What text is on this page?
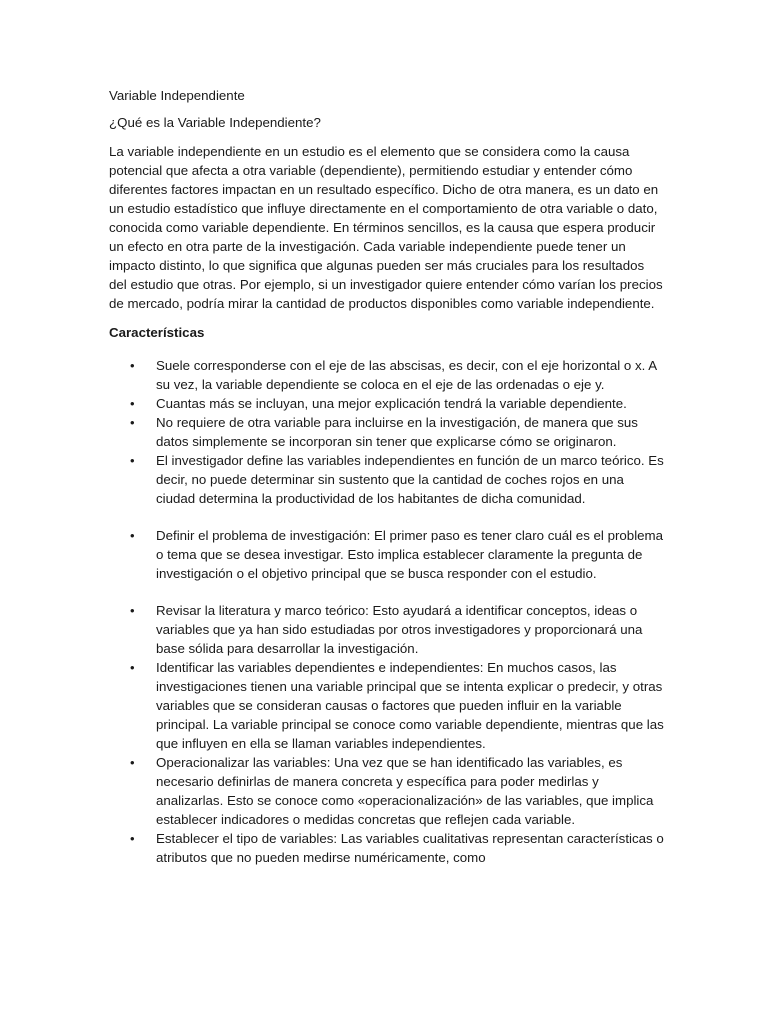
Variable Independiente

¿Qué es la Variable Independiente?

La variable independiente en un estudio es el elemento que se considera como la causa potencial que afecta a otra variable (dependiente), permitiendo estudiar y entender cómo diferentes factores impactan en un resultado específico. Dicho de otra manera, es un dato en un estudio estadístico que influye directamente en el comportamiento de otra variable o dato, conocida como variable dependiente. En términos sencillos, es la causa que espera producir un efecto en otra parte de la investigación. Cada variable independiente puede tener un impacto distinto, lo que significa que algunas pueden ser más cruciales para los resultados del estudio que otras. Por ejemplo, si un investigador quiere entender cómo varían los precios de mercado, podría mirar la cantidad de productos disponibles como variable independiente.

Características

• Suele corresponderse con el eje de las abscisas, es decir, con el eje horizontal o x. A su vez, la variable dependiente se coloca en el eje de las ordenadas o eje y.
• Cuantas más se incluyan, una mejor explicación tendrá la variable dependiente.
• No requiere de otra variable para incluirse en la investigación, de manera que sus datos simplemente se incorporan sin tener que explicarse cómo se originaron.
• El investigador define las variables independientes en función de un marco teórico. Es decir, no puede determinar sin sustento que la cantidad de coches rojos en una ciudad determina la productividad de los habitantes de dicha comunidad.
• Definir el problema de investigación: El primer paso es tener claro cuál es el problema o tema que se desea investigar. Esto implica establecer claramente la pregunta de investigación o el objetivo principal que se busca responder con el estudio.
• Revisar la literatura y marco teórico: Esto ayudará a identificar conceptos, ideas o variables que ya han sido estudiadas por otros investigadores y proporcionará una base sólida para desarrollar la investigación.
• Identificar las variables dependientes e independientes: En muchos casos, las investigaciones tienen una variable principal que se intenta explicar o predecir, y otras variables que se consideran causas o factores que pueden influir en la variable principal. La variable principal se conoce como variable dependiente, mientras que las que influyen en ella se llaman variables independientes.
• Operacionalizar las variables: Una vez que se han identificado las variables, es necesario definirlas de manera concreta y específica para poder medirlas y analizarlas. Esto se conoce como «operacionalización» de las variables, que implica establecer indicadores o medidas concretas que reflejen cada variable.
• Establecer el tipo de variables: Las variables cualitativas representan características o atributos que no pueden medirse numéricamente, como
